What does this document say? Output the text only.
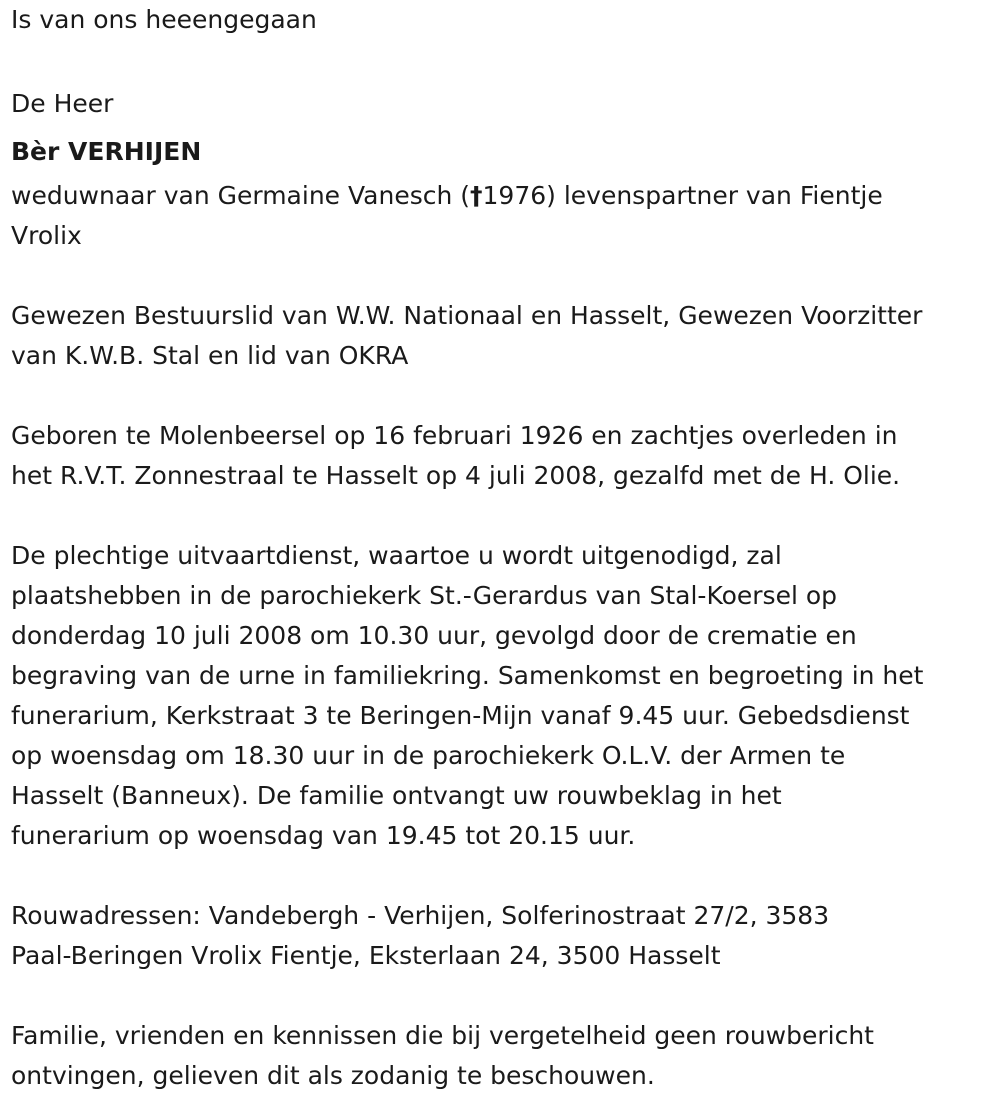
Is van ons heeengegaan

De Heer

Bèr VERHIJEN

weduwnaar van Germaine Vanesch (†1976) levenspartner van Fientje

Vrolix

Gewezen Bestuurslid van W.W. Nationaal en Hasselt, Gewezen Voorzitter

van K.W.B. Stal en lid van OKRA

Geboren te Molenbeersel op 16 februari 1926 en zachtjes overleden in

het R.V.T. Zonnestraal te Hasselt op 4 juli 2008, gezalfd met de H. Olie.

De plechtige uitvaartdienst, waartoe u wordt uitgenodigd, zal

plaatshebben in de parochiekerk St.-Gerardus van Stal-Koersel op

donderdag 10 juli 2008 om 10.30 uur, gevolgd door de crematie en

begraving van de urne in familiekring. Samenkomst en begroeting in het

funerarium, Kerkstraat 3 te Beringen-Mijn vanaf 9.45 uur. Gebedsdienst

op woensdag om 18.30 uur in de parochiekerk O.L.V. der Armen te

Hasselt (Banneux). De familie ontvangt uw rouwbeklag in het

funerarium op woensdag van 19.45 tot 20.15 uur.

Rouwadressen: Vandebergh - Verhijen, Solferinostraat 27/2, 3583

Paal-Beringen Vrolix Fientje, Eksterlaan 24, 3500 Hasselt

Familie, vrienden en kennissen die bij vergetelheid geen rouwbericht

ontvingen, gelieven dit als zodanig te beschouwen.
